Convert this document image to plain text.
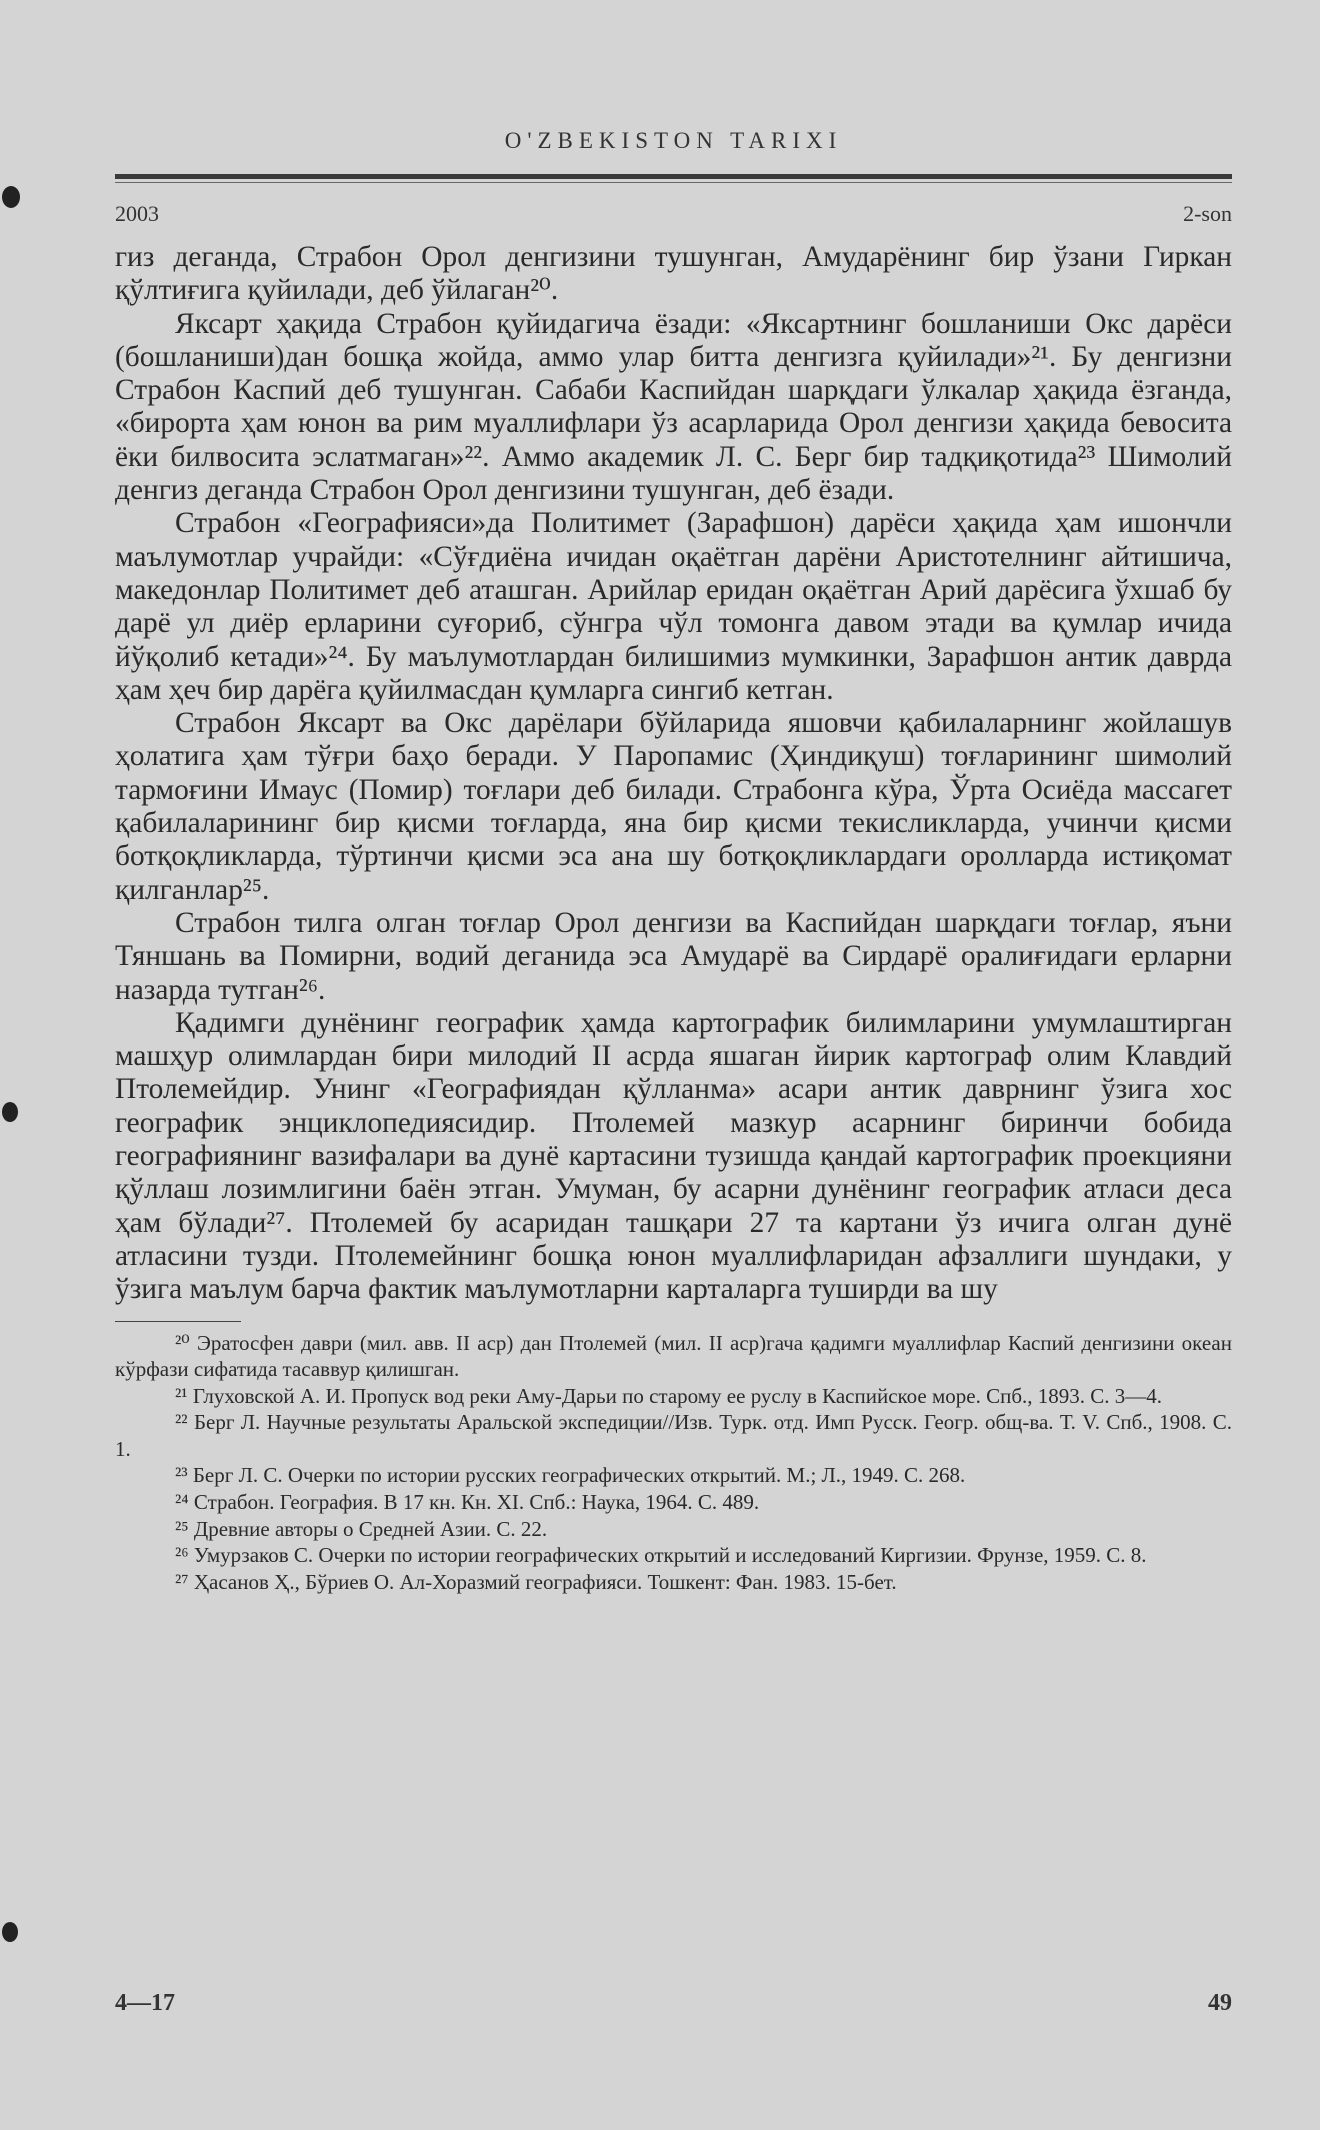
O'ZBEKISTON TARIXI
2003	2-son

гиз деганда, Страбон Орол денгизини тушунган, Амударёнинг бир ўзани Гиркан қўлтиғига қуйилади, деб ўйлаган²⁰.

Яксарт ҳақида Страбон қуйидагича ёзади: «Яксартнинг бошланиши Окс дарёси (бошланиши)дан бошқа жойда, аммо улар битта денгизга қуйилади»²¹. Бу денгизни Страбон Каспий деб тушунган. Сабаби Каспийдан шарқдаги ўлкалар ҳақида ёзганда, «бирорта ҳам юнон ва рим муаллифлари ўз асарларида Орол денгизи ҳақида бевосита ёки билвосита эслатмаган»²². Аммо академик Л. С. Берг бир тадқиқотида²³ Шимолий денгиз деганда Страбон Орол денгизини тушунган, деб ёзади.

Страбон «Географияси»да Политимет (Зарафшон) дарёси ҳақида ҳам ишончли маълумотлар учрайди: «Сўғдиёна ичидан оқаётган дарёни Аристотелнинг айтишича, македонлар Политимет деб аташган. Арийлар еридан оқаётган Арий дарёсига ўхшаб бу дарё ул диёр ерларини суғориб, сўнгра чўл томонга давом этади ва қумлар ичида йўқолиб кетади»²⁴. Бу маълумотлардан билишимиз мумкинки, Зарафшон антик даврда ҳам ҳеч бир дарёга қуйилмасдан қумларга сингиб кетган.

Страбон Яксарт ва Окс дарёлари бўйларида яшовчи қабилаларнинг жойлашув ҳолатига ҳам тўғри баҳо беради. У Паропамис (Ҳиндиқуш) тоғларининг шимолий тармоғини Имаус (Помир) тоғлари деб билади. Страбонга кўра, Ўрта Осиёда массагет қабилаларининг бир қисми тоғларда, яна бир қисми текисликларда, учинчи қисми ботқоқликларда, тўртинчи қисми эса ана шу ботқоқликлардаги оролларда истиқомат қилганлар²⁵.

Страбон тилга олган тоғлар Орол денгизи ва Каспийдан шарқдаги тоғлар, яъни Тяншань ва Помирни, водий деганида эса Амударё ва Сирдарё оралиғидаги ерларни назарда тутган²⁶.

Қадимги дунёнинг географик ҳамда картографик билимларини умумлаштирган машҳур олимлардан бири милодий II асрда яшаган йирик картограф олим Клавдий Птолемейдир. Унинг «Географиядан қўлланма» асари антик даврнинг ўзига хос географик энциклопедиясидир. Птолемей мазкур асарнинг биринчи бобида географиянинг вазифалари ва дунё картасини тузишда қандай картографик проекцияни қўллаш лозимлигини баён этган. Умуман, бу асарни дунёнинг географик атласи деса ҳам бўлади²⁷. Птолемей бу асаридан ташқари 27 та картани ўз ичига олган дунё атласини тузди. Птолемейнинг бошқа юнон муаллифларидан афзаллиги шундаки, у ўзига маълум барча фактик маълумотларни карталарга туширди ва шу

²⁰ Эратосфен даври (мил. авв. II аср) дан Птолемей (мил. II аср)гача қадимги муаллифлар Каспий денгизини океан кўрфази сифатида тасаввур қилишган.

²¹ Глуховской А. И. Пропуск вод реки Аму-Дарьи по старому ее руслу в Каспийское море. Спб., 1893. С. 3—4.

²² Берг Л. Научные результаты Аральской экспедиции//Изв. Турк. отд. Имп Русск. Геогр. общ-ва. Т. V. Спб., 1908. С. 1.

²³ Берг Л. С. Очерки по истории русских географических открытий. М.; Л., 1949. С. 268.

²⁴ Страбон. География. В 17 кн. Кн. XI. Спб.: Наука, 1964. С. 489.

²⁵ Древние авторы о Средней Азии. С. 22.

²⁶ Умурзаков С. Очерки по истории географических открытий и исследований Киргизии. Фрунзе, 1959. С. 8.

²⁷ Ҳасанов Ҳ., Бўриев О. Ал-Хоразмий географияси. Тошкент: Фан. 1983. 15-бет.

4—17	49
